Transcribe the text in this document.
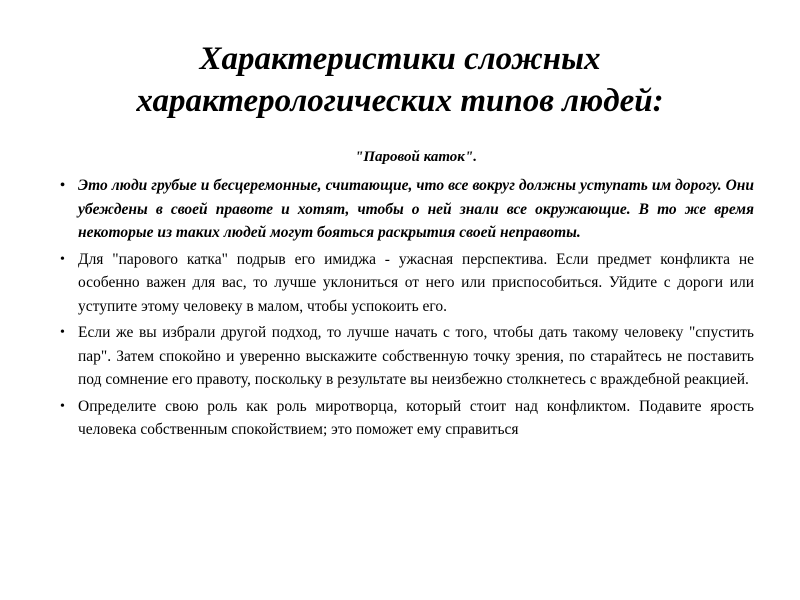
Характеристики сложных
характерологических типов людей:
"Паровой каток".
• Это люди грубые и бесцеремонные, считающие, что все вокруг должны уступать им дорогу. Они убеждены в своей правоте и хотят, чтобы о ней знали все окружающие. В то же время некоторые из таких людей могут бояться раскрытия своей неправоты.
• Для "парового катка" подрыв его имиджа - ужасная перспектива. Если предмет конфликта не особенно важен для вас, то лучше уклониться от него или приспособиться. Уйдите с дороги или уступите этому человеку в малом, чтобы успокоить его.
• Если же вы избрали другой подход, то лучше начать с того, чтобы дать такому человеку "спустить пар". Затем спокойно и уверенно выскажите собственную точку зрения, по старайтесь не поставить под сомнение его правоту, поскольку в результате вы неизбежно столкнетесь с враждебной реакцией.
• Определите свою роль как роль миротворца, который стоит над конфликтом. Подавите ярость человека собственным спокойствием; это поможет ему справиться
